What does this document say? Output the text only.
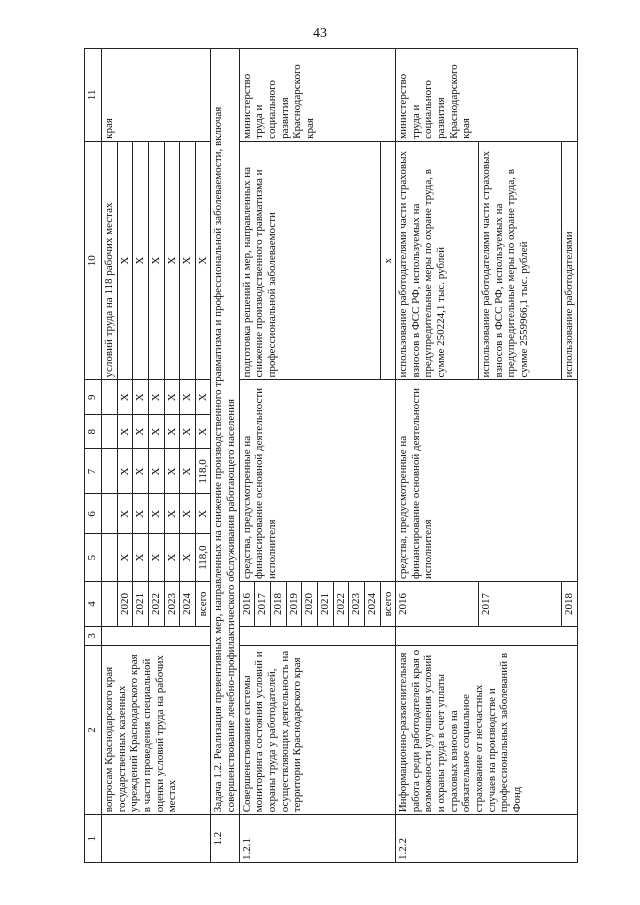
43
1	2	3	4	5	6	7	8	9	10	11
	вопросам Краснодарского края государственных казенных учреждений Краснодарского края в части проведения специальной оценки условий труда на рабочих местах								условий труда на 118 рабочих местах	края
			2020	X	X	X	X	X	X	
			2021	X	X	X	X	X	X	
			2022	X	X	X	X	X	X	
			2023	X	X	X	X	X	X	
			2024	X	X	X	X	X	X	
			всего	118,0	X	118,0	X	X	X	
1.2	Задача 1.2. Реализация превентивных мер, направленных на снижение производственного травматизма и профессиональной заболеваемости, включая совершенствование лечебно-профилактического обслуживания работающего населения									
1.2.1	Совершенствование системы мониторинга состояния условий и охраны труда у работодателей, осуществляющих деятельность на территории Краснодарского края		2016	средства, предусмотренные на финансирование основной деятельности исполнителя					подготовка решений и мер, направленных на снижение производственного травматизма и профессиональной заболеваемости	министерство труда и социального развития Краснодарского края
			2017							
			2018							
			2019							
			2020							
			2021							
			2022							
			2023							
			2024							
			всего						х	
1.2.2	Информационно-разъяснительная работа среди работодателей края о возможности улучшения условий и охраны труда в счет уплаты страховых взносов на обязательное социальное страхование от несчастных случаев на производстве и профессиональных заболеваний в Фонд		2016	средства, предусмотренные на финансирование основной деятельности исполнителя					использование работодателями части страховых взносов в ФСС РФ, используемых на предупредительные меры по охране труда, в сумме 250224,1 тыс. рублей	министерство труда и социального развития Краснодарского края
			2017						использование работодателями части страховых взносов в ФСС РФ, используемых на предупредительные меры по охране труда, в сумме 2559966,1 тыс. рублей	
			2018						использование работодателями	
